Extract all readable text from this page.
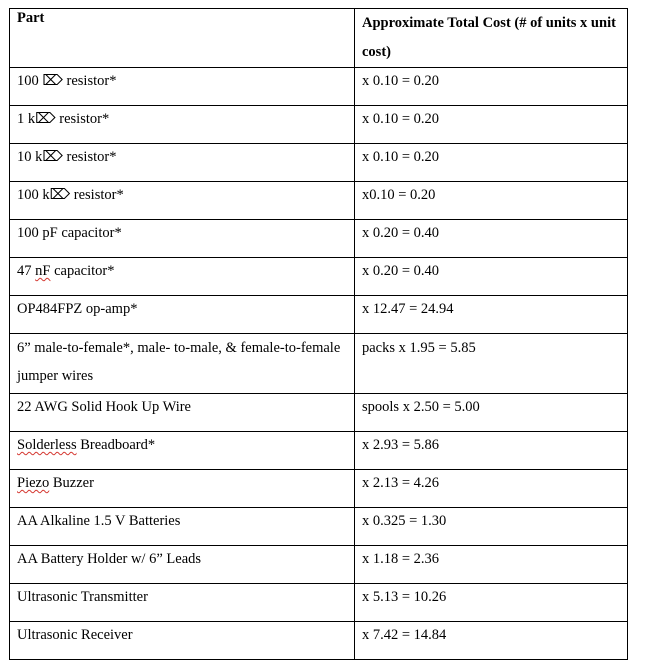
Part	Approximate Total Cost (# of units x unit cost)
100 ⌦ resistor*	x 0.10 = 0.20
1 k⌦ resistor*	x 0.10 = 0.20
10 k⌦ resistor*	x 0.10 = 0.20
100 k⌦ resistor*	x0.10 = 0.20
100 pF capacitor*	x 0.20 = 0.40
47 nF capacitor*	x 0.20 = 0.40
OP484FPZ op-amp*	x 12.47 = 24.94
6” male-to-female*, male- to-male, & female-to-female jumper wires	packs x 1.95 = 5.85
22 AWG Solid Hook Up Wire	spools x 2.50 = 5.00
Solderless Breadboard*	x 2.93 = 5.86
Piezo Buzzer	x 2.13 = 4.26
AA Alkaline 1.5 V Batteries	x 0.325 = 1.30
AA Battery Holder w/ 6” Leads	x 1.18 = 2.36
Ultrasonic Transmitter	x 5.13 = 10.26
Ultrasonic Receiver	x 7.42 = 14.84
